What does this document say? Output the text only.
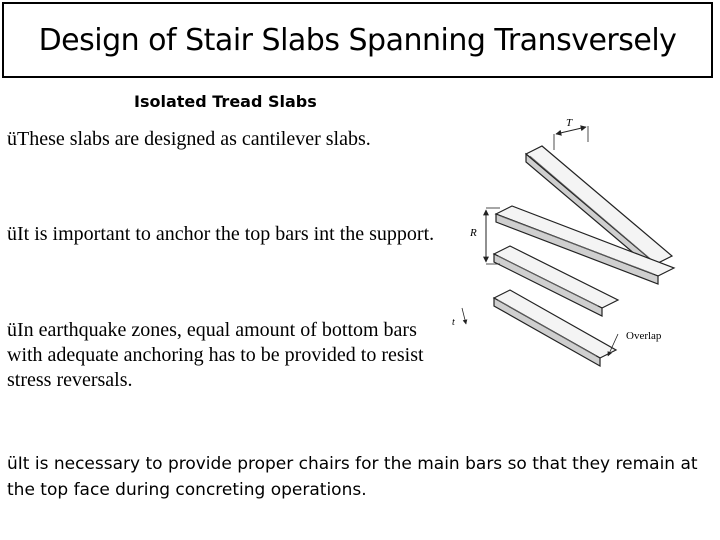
Design of Stair Slabs Spanning Transversely
Isolated Tread Slabs

üThese slabs are designed as cantilever slabs.

üIt is important to anchor the top bars int the support.

üIn earthquake zones, equal amount of bottom bars with adequate anchoring has to be provided to resist stress reversals.

üIt is necessary to provide proper chairs for the main bars so that they remain at the top face during concreting operations.

T
R
t
Overlap
